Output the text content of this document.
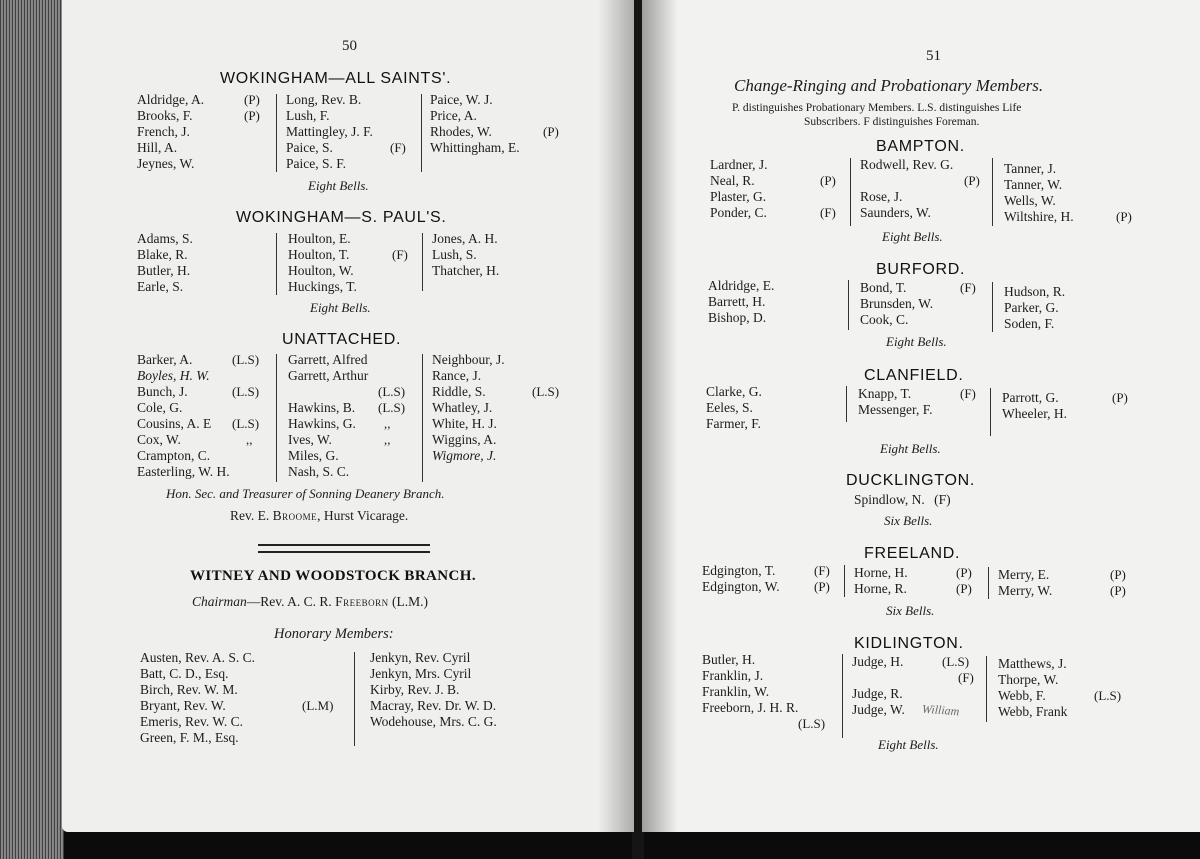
50
WOKINGHAM—ALL SAINTS'.
Aldridge, A.
Brooks, F.
French, J.
Hill, A.
Jeynes, W.
(P)
(P)
Long, Rev. B.
Lush, F.
Mattingley, J. F.
Paice, S.
Paice, S. F.
(F)
Paice, W. J.
Price, A.
Rhodes, W.
Whittingham, E.
(P)
Eight Bells.
WOKINGHAM—S. PAUL'S.
Adams, S.
Blake, R.
Butler, H.
Earle, S.
Houlton, E.
Houlton, T.
Houlton, W.
Huckings, T.
(F)
Jones, A. H.
Lush, S.
Thatcher, H.
Eight Bells.
UNATTACHED.
Barker, A.
Boyles, H. W.
Bunch, J.
Cole, G.
Cousins, A. E
Cox, W.
Crampton, C.
Easterling, W. H.
(L.S)
(L.S)
(L.S)
,,
Garrett, Alfred
Garrett, Arthur
Hawkins, B.
Hawkins, G.
Ives, W.
Miles, G.
Nash, S. C.
(L.S)
(L.S)
,,
,,
Neighbour, J.
Rance, J.
Riddle, S.
Whatley, J.
White, H. J.
Wiggins, A.
Wigmore, J.
(L.S)
Hon. Sec. and Treasurer of Sonning Deanery Branch.
Rev. E. Broome, Hurst Vicarage.
WITNEY AND WOODSTOCK BRANCH.
Chairman—Rev. A. C. R. Freeborn (L.M.)
Honorary Members:
Austen, Rev. A. S. C.
Batt, C. D., Esq.
Birch, Rev. W. M.
Bryant, Rev. W.
Emeris, Rev. W. C.
Green, F. M., Esq.
(L.M)
Jenkyn, Rev. Cyril
Jenkyn, Mrs. Cyril
Kirby, Rev. J. B.
Macray, Rev. Dr. W. D.
Wodehouse, Mrs. C. G.
51
Change-Ringing and Probationary Members.
P. distinguishes Probationary Members. L.S. distinguishes Life
Subscribers. F distinguishes Foreman.
BAMPTON.
Lardner, J.
Neal, R.
Plaster, G.
Ponder, C.
(P)
(F)
Rodwell, Rev. G.
Rose, J.
Saunders, W.
(P)
Tanner, J.
Tanner, W.
Wells, W.
Wiltshire, H.	(P)
Eight Bells.
BURFORD.
Aldridge, E.
Barrett, H.
Bishop, D.
Bond, T.
Brunsden, W.
Cook, C.
(F) Hudson, R.
Parker, G.
Soden, F.
Eight Bells.
CLANFIELD.
Clarke, G.
Eeles, S.
Farmer, F.
Knapp, T.
Messenger, F.
(F) Parrott, G.
Wheeler, H.
(P)
Eight Bells.
DUCKLINGTON.
Spindlow, N. (F)
Six Bells.
FREELAND.
Edgington, T.
Edgington, W.
(F)
(P)
Horne, H.
Horne, R.
(P)
(P)
Merry, E.
Merry, W.
(P)
(P)
Six Bells.
KIDLINGTON.
Butler, H.
Franklin, J.
Franklin, W.
Freeborn, J. H. R.
(L.S)
Judge, H.
Judge, R.
Judge, W.
(L.S)
(F)
William
Matthews, J.
Thorpe, W.
Webb, F.
Webb, Frank
(L.S)
Eight Bells.
